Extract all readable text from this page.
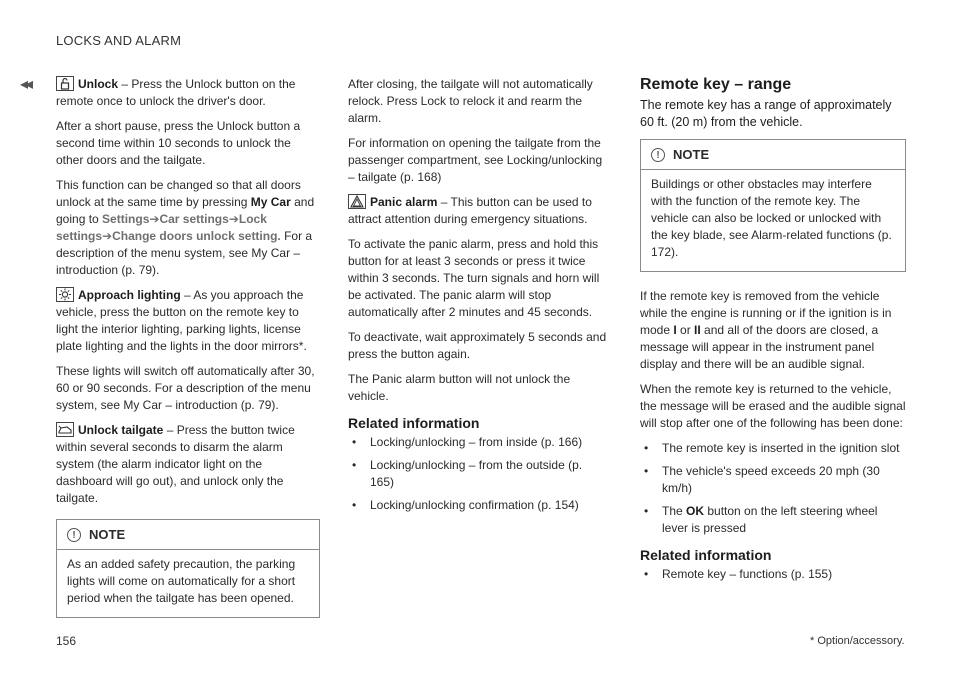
LOCKS AND ALARM
◂◂	Unlock – Press the Unlock button on the remote once to unlock the driver's door.

After a short pause, press the Unlock button a second time within 10 seconds to unlock the other doors and the tailgate.

This function can be changed so that all doors unlock at the same time by pressing My Car and going to Settings➔Car settings➔Lock settings➔Change doors unlock setting. For a description of the menu system, see My Car – introduction (p. 79).

Approach lighting – As you approach the vehicle, press the button on the remote key to light the interior lighting, parking lights, license plate lighting and the lights in the door mirrors*.

These lights will switch off automatically after 30, 60 or 90 seconds. For a description of the menu system, see My Car – introduction (p. 79).

Unlock tailgate – Press the button twice within several seconds to disarm the alarm system (the alarm indicator light on the dashboard will go out), and unlock only the tailgate.

!	NOTE
As an added safety precaution, the parking lights will come on automatically for a short period when the tailgate has been opened.

After closing, the tailgate will not automatically relock. Press Lock to relock it and rearm the alarm.

For information on opening the tailgate from the passenger compartment, see Locking/unlocking – tailgate (p. 168)

Panic alarm – This button can be used to attract attention during emergency situations.

To activate the panic alarm, press and hold this button for at least 3 seconds or press it twice within 3 seconds. The turn signals and horn will be activated. The panic alarm will stop automatically after 2 minutes and 45 seconds.

To deactivate, wait approximately 5 seconds and press the button again.

The Panic alarm button will not unlock the vehicle.

Related information
• Locking/unlocking – from inside (p. 166)
• Locking/unlocking – from the outside (p. 165)
• Locking/unlocking confirmation (p. 154)
Remote key – range

The remote key has a range of approximately 60 ft. (20 m) from the vehicle.

!	NOTE
Buildings or other obstacles may interfere with the function of the remote key. The vehicle can also be locked or unlocked with the key blade, see Alarm-related functions (p. 172).

If the remote key is removed from the vehicle while the engine is running or if the ignition is in mode I or II and all of the doors are closed, a message will appear in the instrument panel display and there will be an audible signal.

When the remote key is returned to the vehicle, the message will be erased and the audible signal will stop after one of the following has been done:

• The remote key is inserted in the ignition slot
• The vehicle's speed exceeds 20 mph (30 km/h)
• The OK button on the left steering wheel lever is pressed
Related information
• Remote key – functions (p. 155)
156	* Option/accessory.
